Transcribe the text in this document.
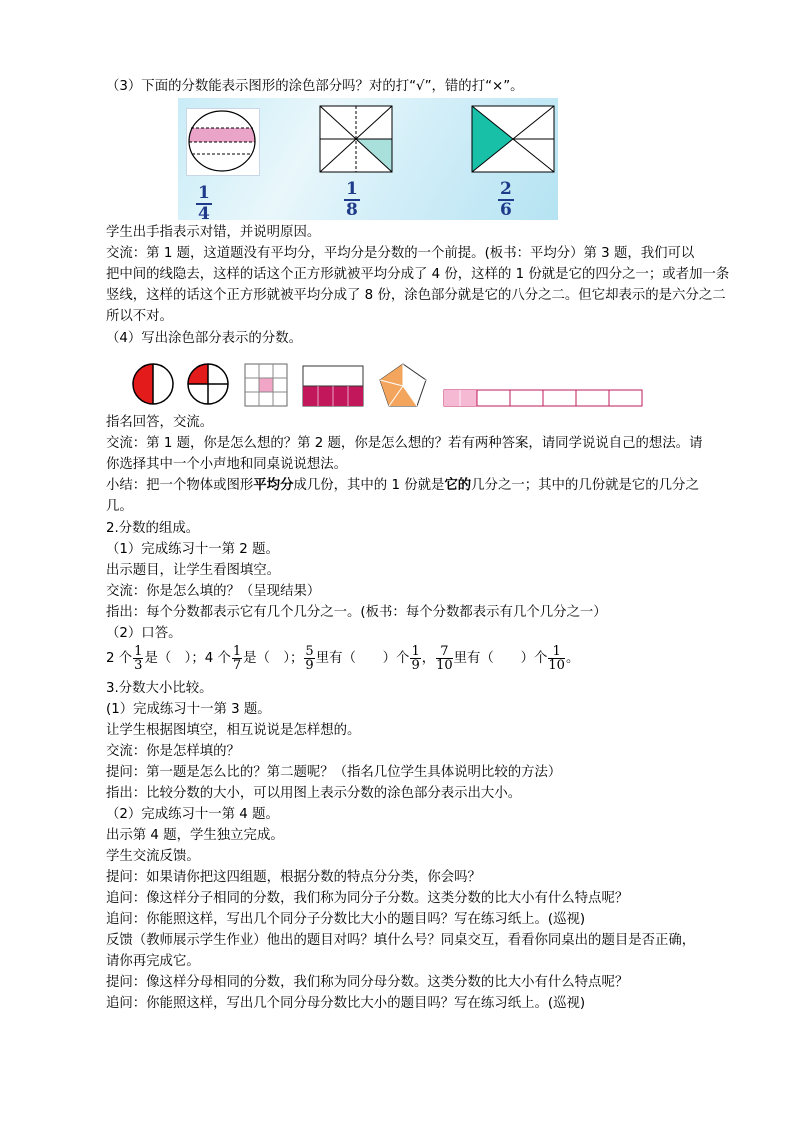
（3）下面的分数能表示图形的涂色部分吗？对的打“√”，错的打“×”。
1
4
1
8
2
6
学生出手指表示对错，并说明原因。
交流：第 1 题，这道题没有平均分，平均分是分数的一个前提。(板书：平均分）第 3 题，我们可以
把中间的线隐去，这样的话这个正方形就被平均分成了 4 份，这样的 1 份就是它的四分之一；或者加一条
竖线，这样的话这个正方形就被平均分成了 8 份，涂色部分就是它的八分之二。但它却表示的是六分之二
所以不对。
（4）写出涂色部分表示的分数。
指名回答，交流。
交流：第 1 题，你是怎么想的？第 2 题，你是怎么想的？若有两种答案，请同学说说自己的想法。请
你选择其中一个小声地和同桌说说想法。
小结：把一个物体或图形平均分成几份，其中的 1 份就是它的几分之一；其中的几份就是它的几分之
几。
2.分数的组成。
（1）完成练习十一第 2 题。
出示题目，让学生看图填空。
交流：你是怎么填的？（呈现结果）
指出：每个分数都表示它有几个几分之一。(板书：每个分数都表示有几个几分之一）
（2）口答。
2 个 $\frac{1}{3}$ 是（　）；4 个 $\frac{1}{7}$ 是（　）； $\frac{5}{9}$ 里有（　　）个 $\frac{1}{9}$ ， $\frac{7}{10}$ 里有（　　）个 $\frac{1}{10}$ 。
3.分数大小比较。
(1）完成练习十一第 3 题。
让学生根据图填空，相互说说是怎样想的。
交流：你是怎样填的？
提问：第一题是怎么比的？第二题呢？（指名几位学生具体说明比较的方法）
指出：比较分数的大小，可以用图上表示分数的涂色部分表示出大小。
（2）完成练习十一第 4 题。
出示第 4 题，学生独立完成。
学生交流反馈。
提问：如果请你把这四组题，根据分数的特点分分类，你会吗？
追问：像这样分子相同的分数，我们称为同分子分数。这类分数的比大小有什么特点呢？
追问：你能照这样，写出几个同分子分数比大小的题目吗？写在练习纸上。(巡视)
反馈（教师展示学生作业）他出的题目对吗？填什么号？同桌交互，看看你同桌出的题目是否正确，
请你再完成它。
提问：像这样分母相同的分数，我们称为同分母分数。这类分数的比大小有什么特点呢？
追问：你能照这样，写出几个同分母分数比大小的题目吗？写在练习纸上。(巡视)
